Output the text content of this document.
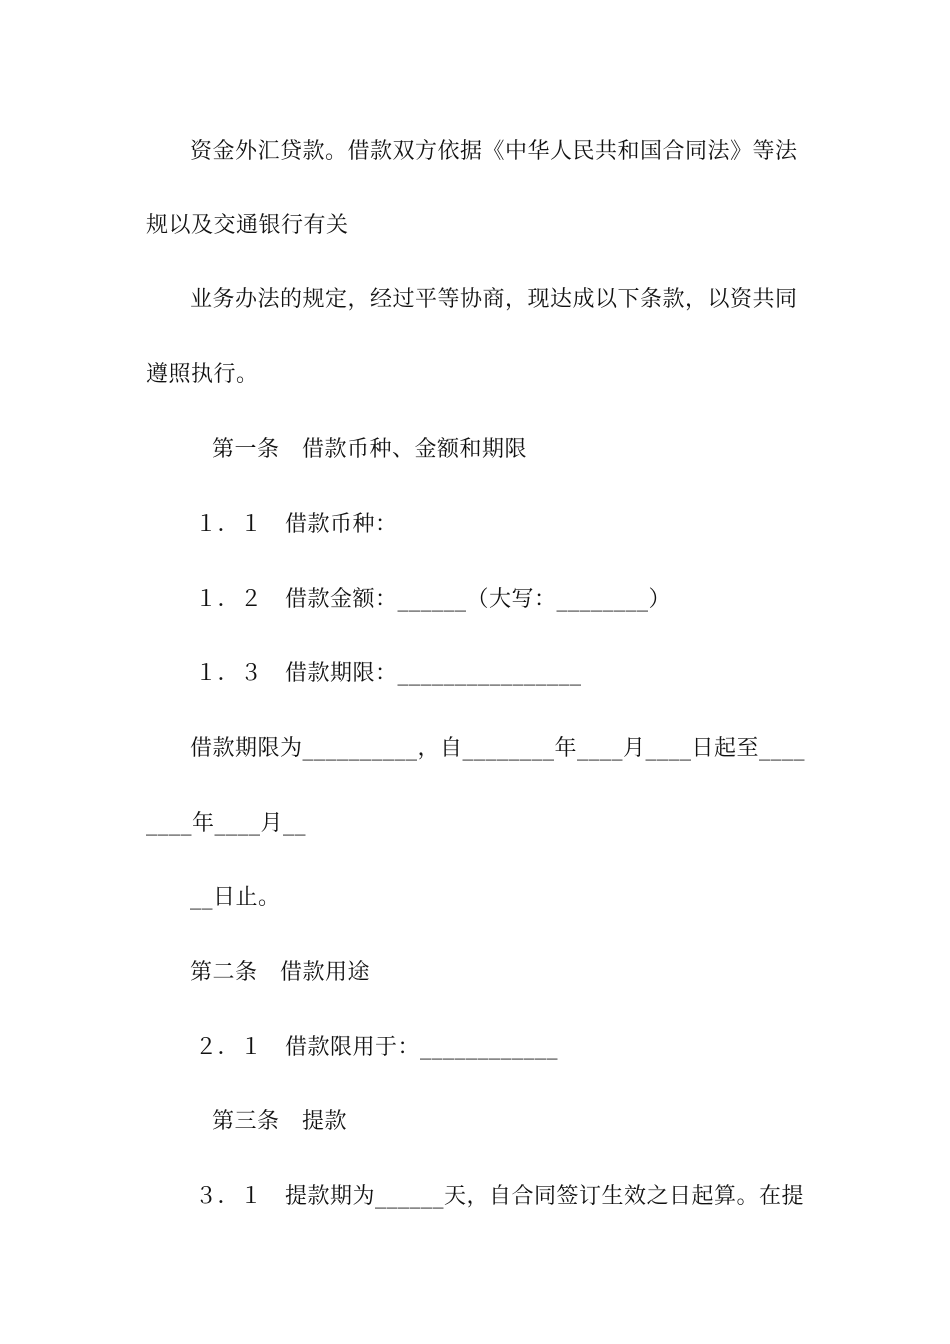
资金外汇贷款。借款双方依据《中华人民共和国合同法》等法
规以及交通银行有关
业务办法的规定，经过平等协商，现达成以下条款，以资共同
遵照执行。
第一条　借款币种、金额和期限
１．１　借款币种：
１．２　借款金额：______（大写：________）
１．３　借款期限：________________
借款期限为__________，自________年____月____日起至____
____年____月__
__日止。
第二条　借款用途
２．１　借款限用于：____________
第三条　提款
３．１　提款期为______天，自合同签订生效之日起算。在提
